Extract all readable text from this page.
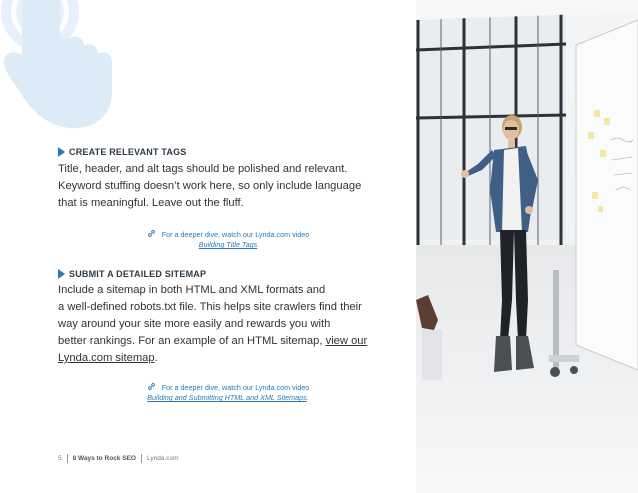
CREATE RELEVANT TAGS
Title, header, and alt tags should be polished and relevant.
Keyword stuffing doesn’t work here, so only include language
that is meaningful. Leave out the fluff.
For a deeper dive, watch our Lynda.com video
Building Title Tags
SUBMIT A DETAILED SITEMAP
Include a sitemap in both HTML and XML formats and
a well-defined robots.txt file. This helps site crawlers find their
way around your site more easily and rewards you with
better rankings. For an example of an HTML sitemap, view our
Lynda.com sitemap.
For a deeper dive, watch our Lynda.com video
Building and Submitting HTML and XML Sitemaps.
5 8 Ways to Rock SEO Lynda.com
